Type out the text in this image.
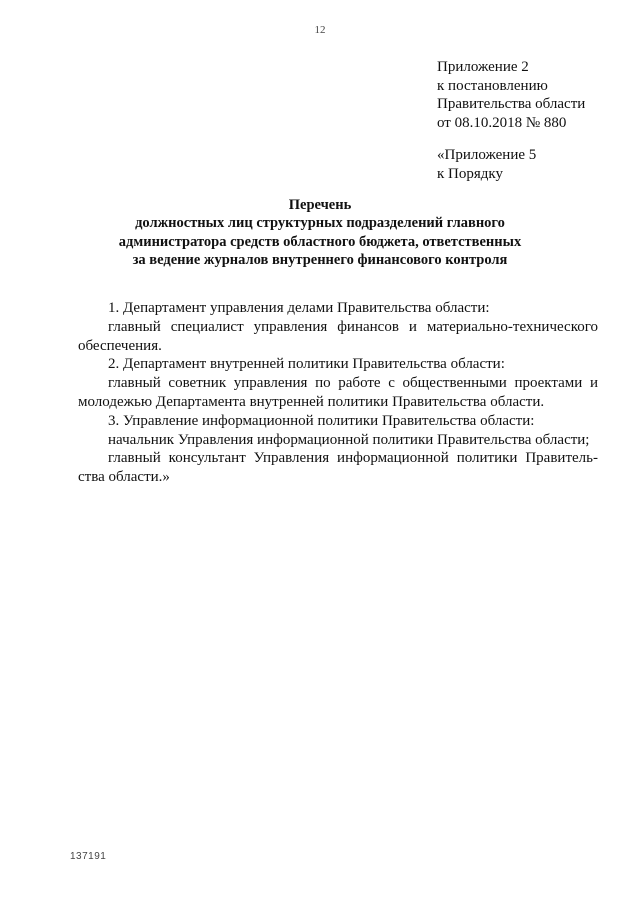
12
Приложение 2
к постановлению
Правительства области
от 08.10.2018 № 880
«Приложение 5
к Порядку
Перечень
должностных лиц структурных подразделений главного
администратора средств областного бюджета, ответственных
за ведение журналов внутреннего финансового контроля

1. Департамент управления делами Правительства области:

главный специалист управления финансов и материально-технического обеспечения.

2. Департамент внутренней политики Правительства области:

главный советник управления по работе с общественными проектами и молодежью Департамента внутренней политики Правительства области.

3. Управление информационной политики Правительства области:

начальник Управления информационной политики Правительства области;

главный консультант Управления информационной политики Правитель-ства области.»

137191
